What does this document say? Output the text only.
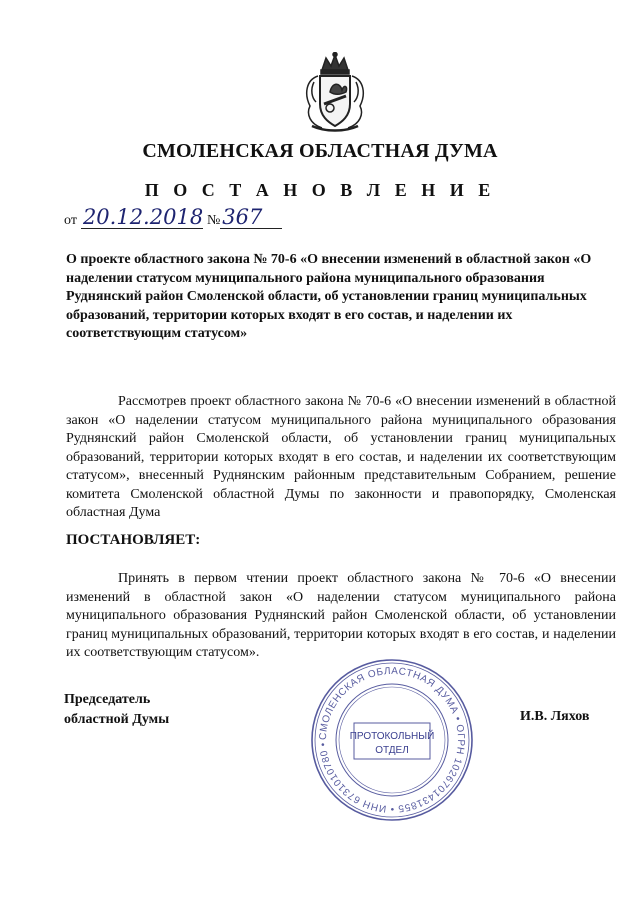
СМОЛЕНСКАЯ ОБЛАСТНАЯ ДУМА
П О С Т А Н О В Л Е Н И Е
от 20.12.2018 № 367
О проекте областного закона № 70-6 «О внесении изменений в областной закон «О наделении статусом муниципального района муниципального образования Руднянский район Смоленской области, об установлении границ муниципальных образований, территории которых входят в его состав, и наделении их соответствующим статусом»
Рассмотрев проект областного закона № 70-6 «О внесении изменений в областной закон «О наделении статусом муниципального района муниципального образования Руднянский район Смоленской области, об установлении границ муниципальных образований, территории которых входят в его состав, и наделении их соответствующим статусом», внесенный Руднянским районным представительным Собранием, решение комитета Смоленской областной Думы по законности и правопорядку, Смоленская областная Дума
ПОСТАНОВЛЯЕТ:
Принять в первом чтении проект областного закона № 70-6 «О внесении изменений в областной закон «О наделении статусом муниципального района муниципального образования Руднянский район Смоленской области, об установлении границ муниципальных образований, территории которых входят в его состав, и наделении их соответствующим статусом».
Председатель
областной Думы
СМОЛЕНСКАЯ ОБЛАСТНАЯ ДУМА • ОГРН 1026701431855 • ИНН 6731010780 •
ПРОТОКОЛЬНЫЙ
ОТДЕЛ
И.В. Ляхов
